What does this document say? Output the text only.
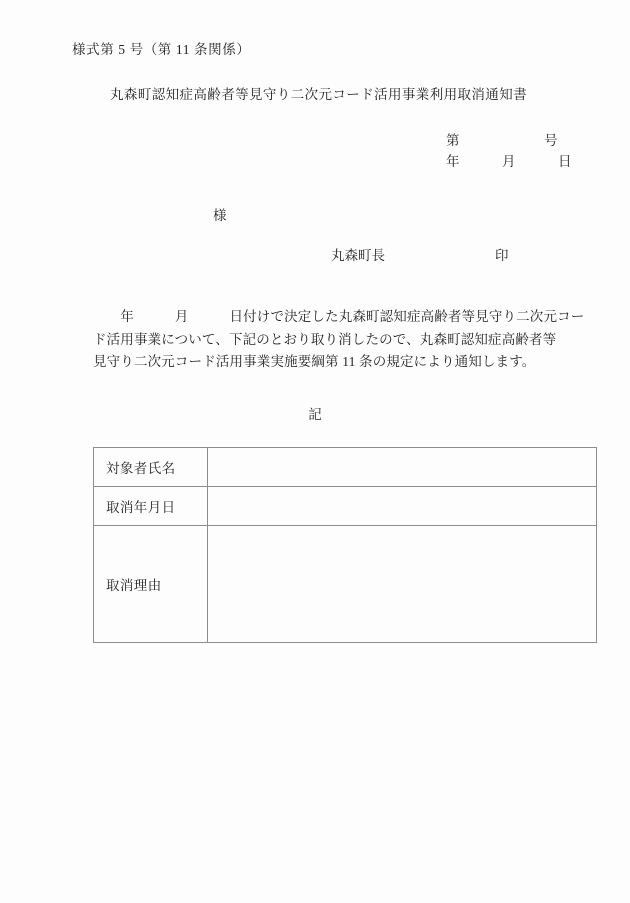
様式第 5 号（第 11 条関係）
丸森町認知症高齢者等見守り二次元コード活用事業利用取消通知書
第　　　　　　号
年　　　月　　　日
様
丸森町長	印
　　年　　　月　　　日付けで決定した丸森町認知症高齢者等見守り二次元コー
ド活用事業について、下記のとおり取り消したので、丸森町認知症高齢者等
見守り二次元コード活用事業実施要綱第 11 条の規定により通知します。
記
対象者氏名	
取消年月日	
取消理由	
